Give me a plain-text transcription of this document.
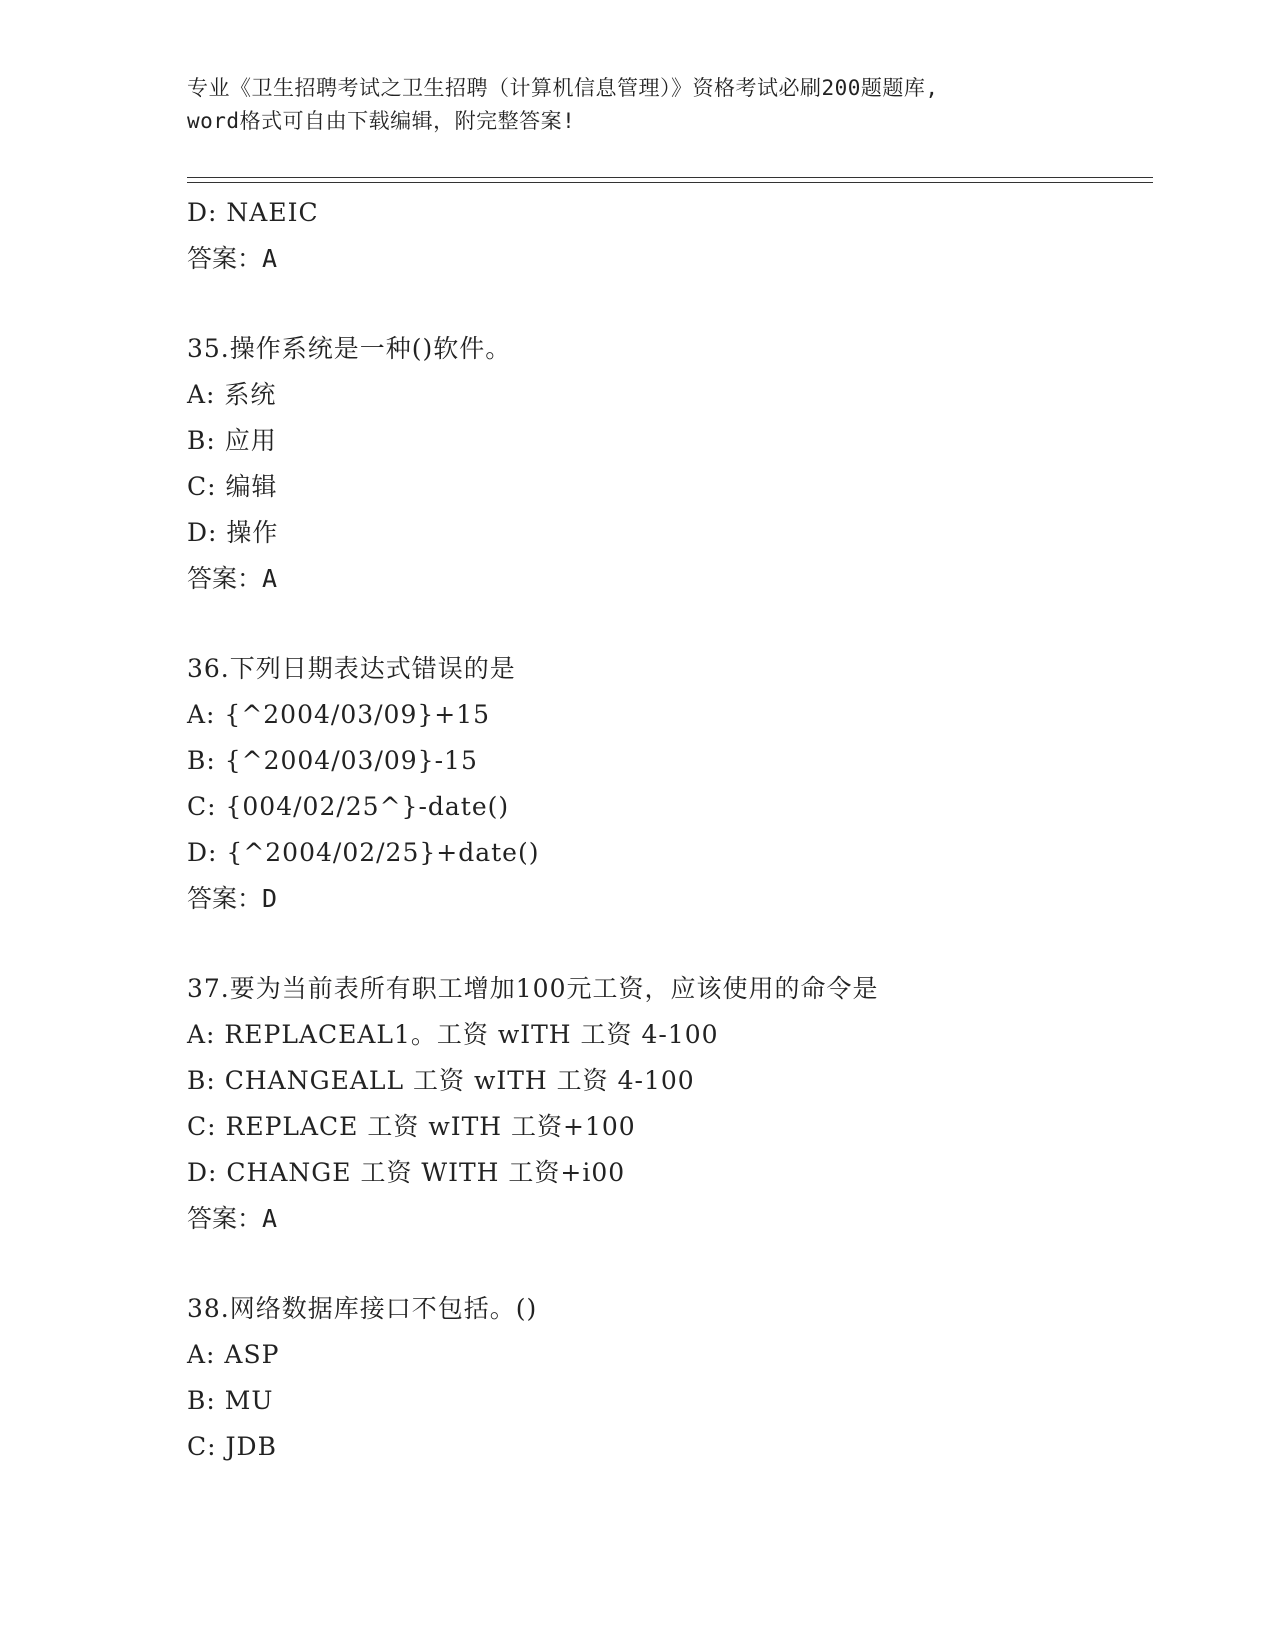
专业《卫生招聘考试之卫生招聘（计算机信息管理）》资格考试必刷200题题库,
word格式可自由下载编辑，附完整答案!
D: NAEIC
答案：A
35.操作系统是一种()软件。
A: 系统
B: 应用
C: 编辑
D: 操作
答案：A
36.下列日期表达式错误的是
A: {^2004/03/09}+15
B: {^2004/03/09}-15
C: {004/02/25^}-date()
D: {^2004/02/25}+date()
答案：D
37.要为当前表所有职工增加100元工资，应该使用的命令是
A: REPLACEAL1。工资 wITH 工资 4-100
B: CHANGEALL 工资 wITH 工资 4-100
C: REPLACE 工资 wITH 工资+100
D: CHANGE 工资 WITH 工资+i00
答案：A
38.网络数据库接口不包括。()
A: ASP
B: MU
C: JDB
